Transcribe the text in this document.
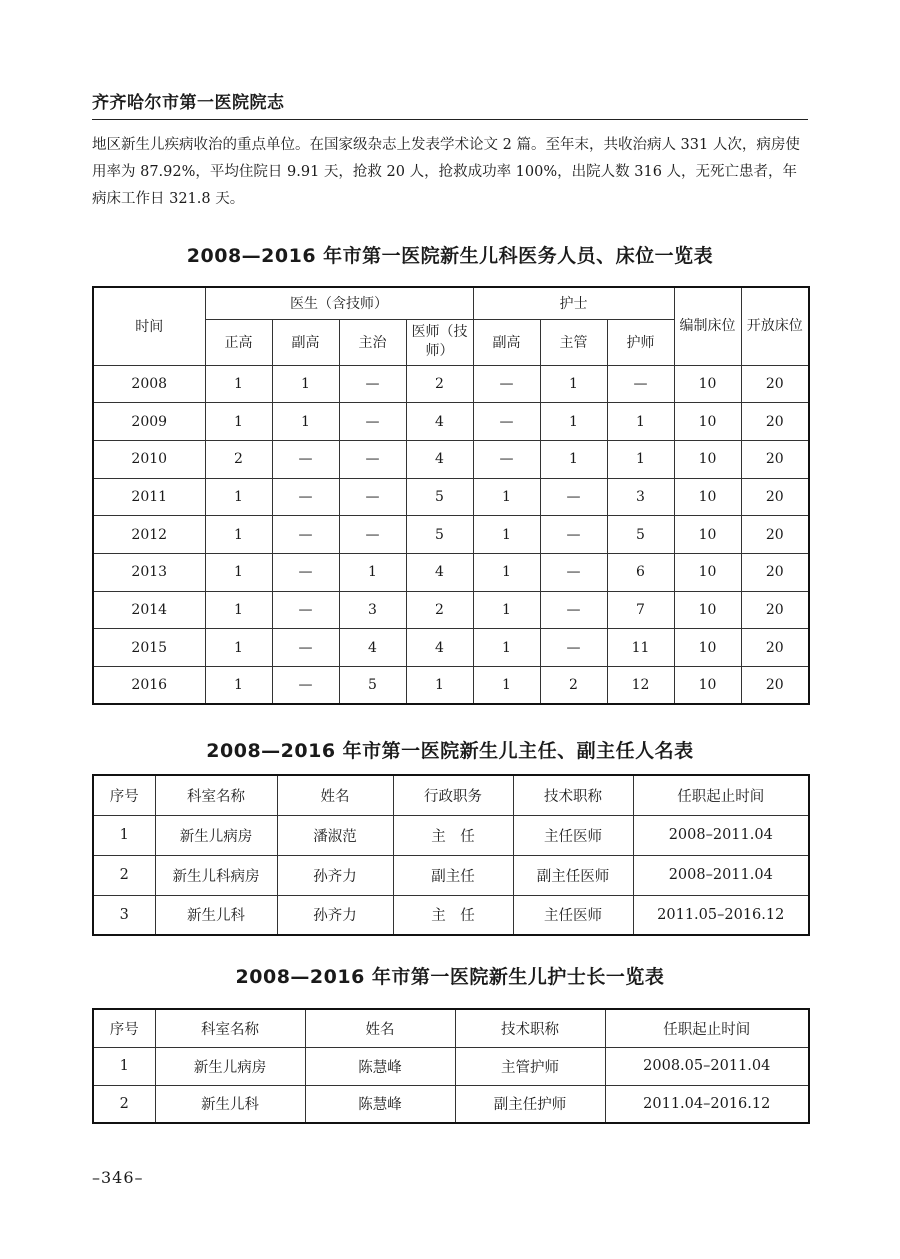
齐齐哈尔市第一医院院志

地区新生儿疾病收治的重点单位。在国家级杂志上发表学术论文 2 篇。至年末，共收治病人 331 人次，病房使用率为 87.92%，平均住院日 9.91 天，抢救 20 人，抢救成功率 100%，出院人数 316 人，无死亡患者，年病床工作日 321.8 天。

2008—2016 年市第一医院新生儿科医务人员、床位一览表
时间	医生（含技师）				护士			编制床位	开放床位
	正高	副高	主治	医师（技师）	副高	主管	护师		
2008	1	1	—	2	—	1	—	10	20
2009	1	1	—	4	—	1	1	10	20
2010	2	—	—	4	—	1	1	10	20
2011	1	—	—	5	1	—	3	10	20
2012	1	—	—	5	1	—	5	10	20
2013	1	—	1	4	1	—	6	10	20
2014	1	—	3	2	1	—	7	10	20
2015	1	—	4	4	1	—	11	10	20
2016	1	—	5	1	1	2	12	10	20
2008—2016 年市第一医院新生儿主任、副主任人名表
序号	科室名称	姓名	行政职务	技术职称	任职起止时间
1	新生儿病房	潘淑范	主　任	主任医师	2008–2011.04
2	新生儿科病房	孙齐力	副主任	副主任医师	2008–2011.04
3	新生儿科	孙齐力	主　任	主任医师	2011.05–2016.12
2008—2016 年市第一医院新生儿护士长一览表
序号	科室名称	姓名	技术职称	任职起止时间
1	新生儿病房	陈慧峰	主管护师	2008.05–2011.04
2	新生儿科	陈慧峰	副主任护师	2011.04–2016.12
–346–
